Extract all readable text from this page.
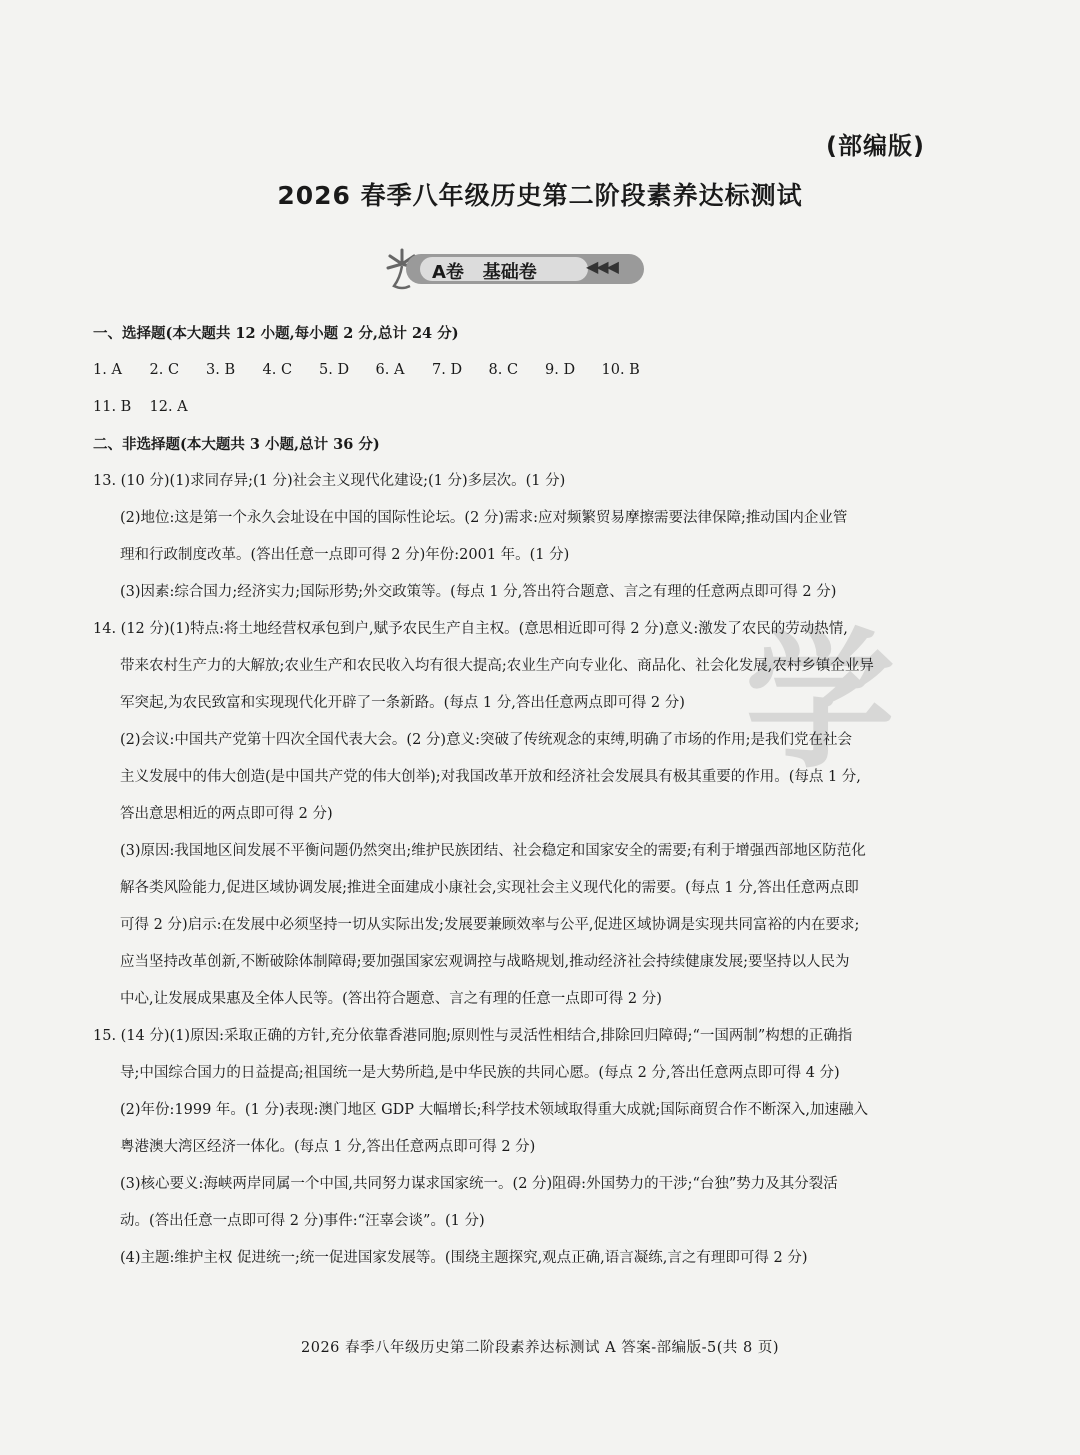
(部编版)
2026 春季八年级历史第二阶段素养达标测试
A卷   基础卷	◀◀◀
学
一、选择题(本大题共 12 小题,每小题 2 分,总计 24 分)
1. A 2. C 3. B 4. C 5. D 6. A 7. D 8. C 9. D 10. B
11. B 12. A
二、非选择题(本大题共 3 小题,总计 36 分)
13. (10 分)(1)求同存异;(1 分)社会主义现代化建设;(1 分)多层次。(1 分)
(2)地位:这是第一个永久会址设在中国的国际性论坛。(2 分)需求:应对频繁贸易摩擦需要法律保障;推动国内企业管
理和行政制度改革。(答出任意一点即可得 2 分)年份:2001 年。(1 分)
(3)因素:综合国力;经济实力;国际形势;外交政策等。(每点 1 分,答出符合题意、言之有理的任意两点即可得 2 分)
14. (12 分)(1)特点:将土地经营权承包到户,赋予农民生产自主权。(意思相近即可得 2 分)意义:激发了农民的劳动热情,
带来农村生产力的大解放;农业生产和农民收入均有很大提高;农业生产向专业化、商品化、社会化发展,农村乡镇企业异
军突起,为农民致富和实现现代化开辟了一条新路。(每点 1 分,答出任意两点即可得 2 分)
(2)会议:中国共产党第十四次全国代表大会。(2 分)意义:突破了传统观念的束缚,明确了市场的作用;是我们党在社会
主义发展中的伟大创造(是中国共产党的伟大创举);对我国改革开放和经济社会发展具有极其重要的作用。(每点 1 分,
答出意思相近的两点即可得 2 分)
(3)原因:我国地区间发展不平衡问题仍然突出;维护民族团结、社会稳定和国家安全的需要;有利于增强西部地区防范化
解各类风险能力,促进区域协调发展;推进全面建成小康社会,实现社会主义现代化的需要。(每点 1 分,答出任意两点即
可得 2 分)启示:在发展中必须坚持一切从实际出发;发展要兼顾效率与公平,促进区域协调是实现共同富裕的内在要求;
应当坚持改革创新,不断破除体制障碍;要加强国家宏观调控与战略规划,推动经济社会持续健康发展;要坚持以人民为
中心,让发展成果惠及全体人民等。(答出符合题意、言之有理的任意一点即可得 2 分)
15. (14 分)(1)原因:采取正确的方针,充分依靠香港同胞;原则性与灵活性相结合,排除回归障碍;“一国两制”构想的正确指
导;中国综合国力的日益提高;祖国统一是大势所趋,是中华民族的共同心愿。(每点 2 分,答出任意两点即可得 4 分)
(2)年份:1999 年。(1 分)表现:澳门地区 GDP 大幅增长;科学技术领域取得重大成就;国际商贸合作不断深入,加速融入
粤港澳大湾区经济一体化。(每点 1 分,答出任意两点即可得 2 分)
(3)核心要义:海峡两岸同属一个中国,共同努力谋求国家统一。(2 分)阻碍:外国势力的干涉;“台独”势力及其分裂活
动。(答出任意一点即可得 2 分)事件:“汪辜会谈”。(1 分)
(4)主题:维护主权 促进统一;统一促进国家发展等。(围绕主题探究,观点正确,语言凝练,言之有理即可得 2 分)
2026 春季八年级历史第二阶段素养达标测试 A 答案-部编版-5(共 8 页)
